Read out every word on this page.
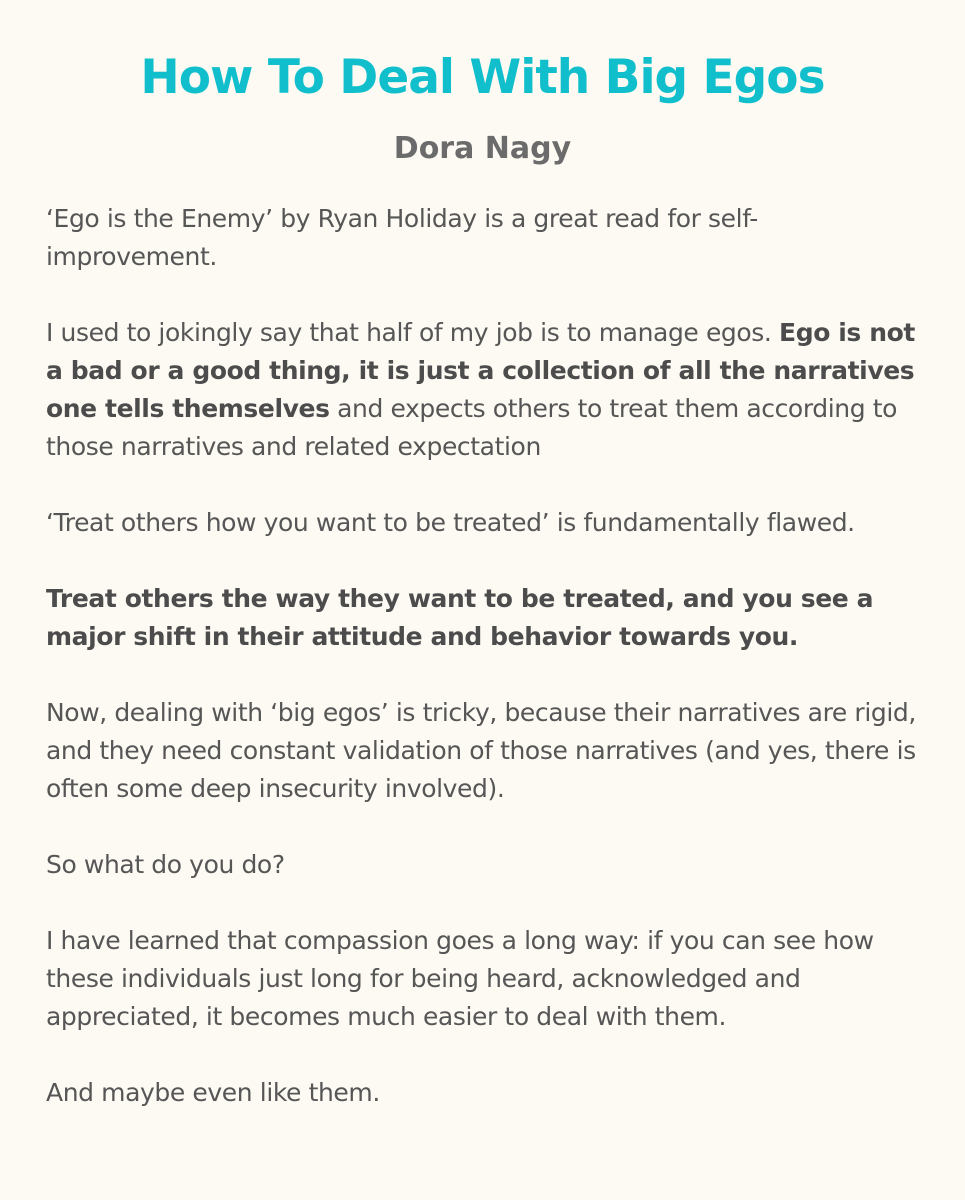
How To Deal With Big Egos
Dora Nagy

‘Ego is the Enemy’ by Ryan Holiday is a great read for self-improvement.

I used to jokingly say that half of my job is to manage egos. Ego is not a bad or a good thing, it is just a collection of all the narratives one tells themselves and expects others to treat them according to those narratives and related expectation

‘Treat others how you want to be treated’ is fundamentally flawed.

Treat others the way they want to be treated, and you see a major shift in their attitude and behavior towards you.

Now, dealing with ‘big egos’ is tricky, because their narratives are rigid, and they need constant validation of those narratives (and yes, there is often some deep insecurity involved).

So what do you do?

I have learned that compassion goes a long way: if you can see how these individuals just long for being heard, acknowledged and appreciated, it becomes much easier to deal with them.

And maybe even like them.
